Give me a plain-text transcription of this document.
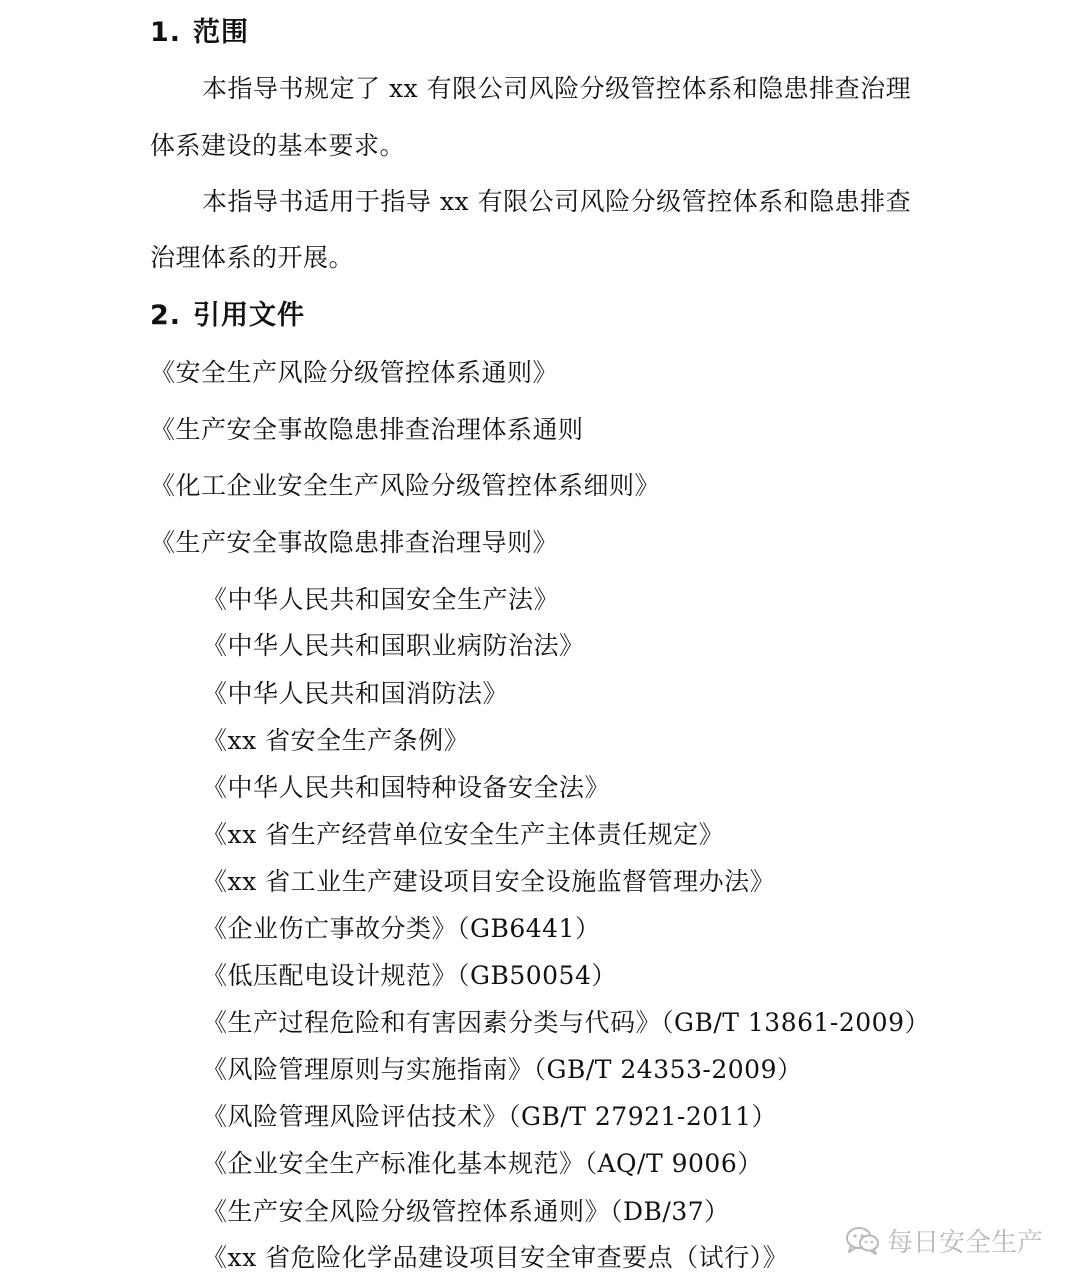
1. 范围
本指导书规定了 xx 有限公司风险分级管控体系和隐患排查治理
体系建设的基本要求。
本指导书适用于指导 xx 有限公司风险分级管控体系和隐患排查
治理体系的开展。
2. 引用文件
《安全生产风险分级管控体系通则》
《生产安全事故隐患排查治理体系通则
《化工企业安全生产风险分级管控体系细则》
《生产安全事故隐患排查治理导则》
《中华人民共和国安全生产法》
《中华人民共和国职业病防治法》
《中华人民共和国消防法》
《xx 省安全生产条例》
《中华人民共和国特种设备安全法》
《xx 省生产经营单位安全生产主体责任规定》
《xx 省工业生产建设项目安全设施监督管理办法》
《企业伤亡事故分类》（GB6441）
《低压配电设计规范》（GB50054）
《生产过程危险和有害因素分类与代码》（GB/T 13861-2009）
《风险管理原则与实施指南》（GB/T 24353-2009）
《风险管理风险评估技术》（GB/T 27921-2011）
《企业安全生产标准化基本规范》（AQ/T 9006）
《生产安全风险分级管控体系通则》（DB/37）
《xx 省危险化学品建设项目安全审查要点（试行）》	每日安全生产
